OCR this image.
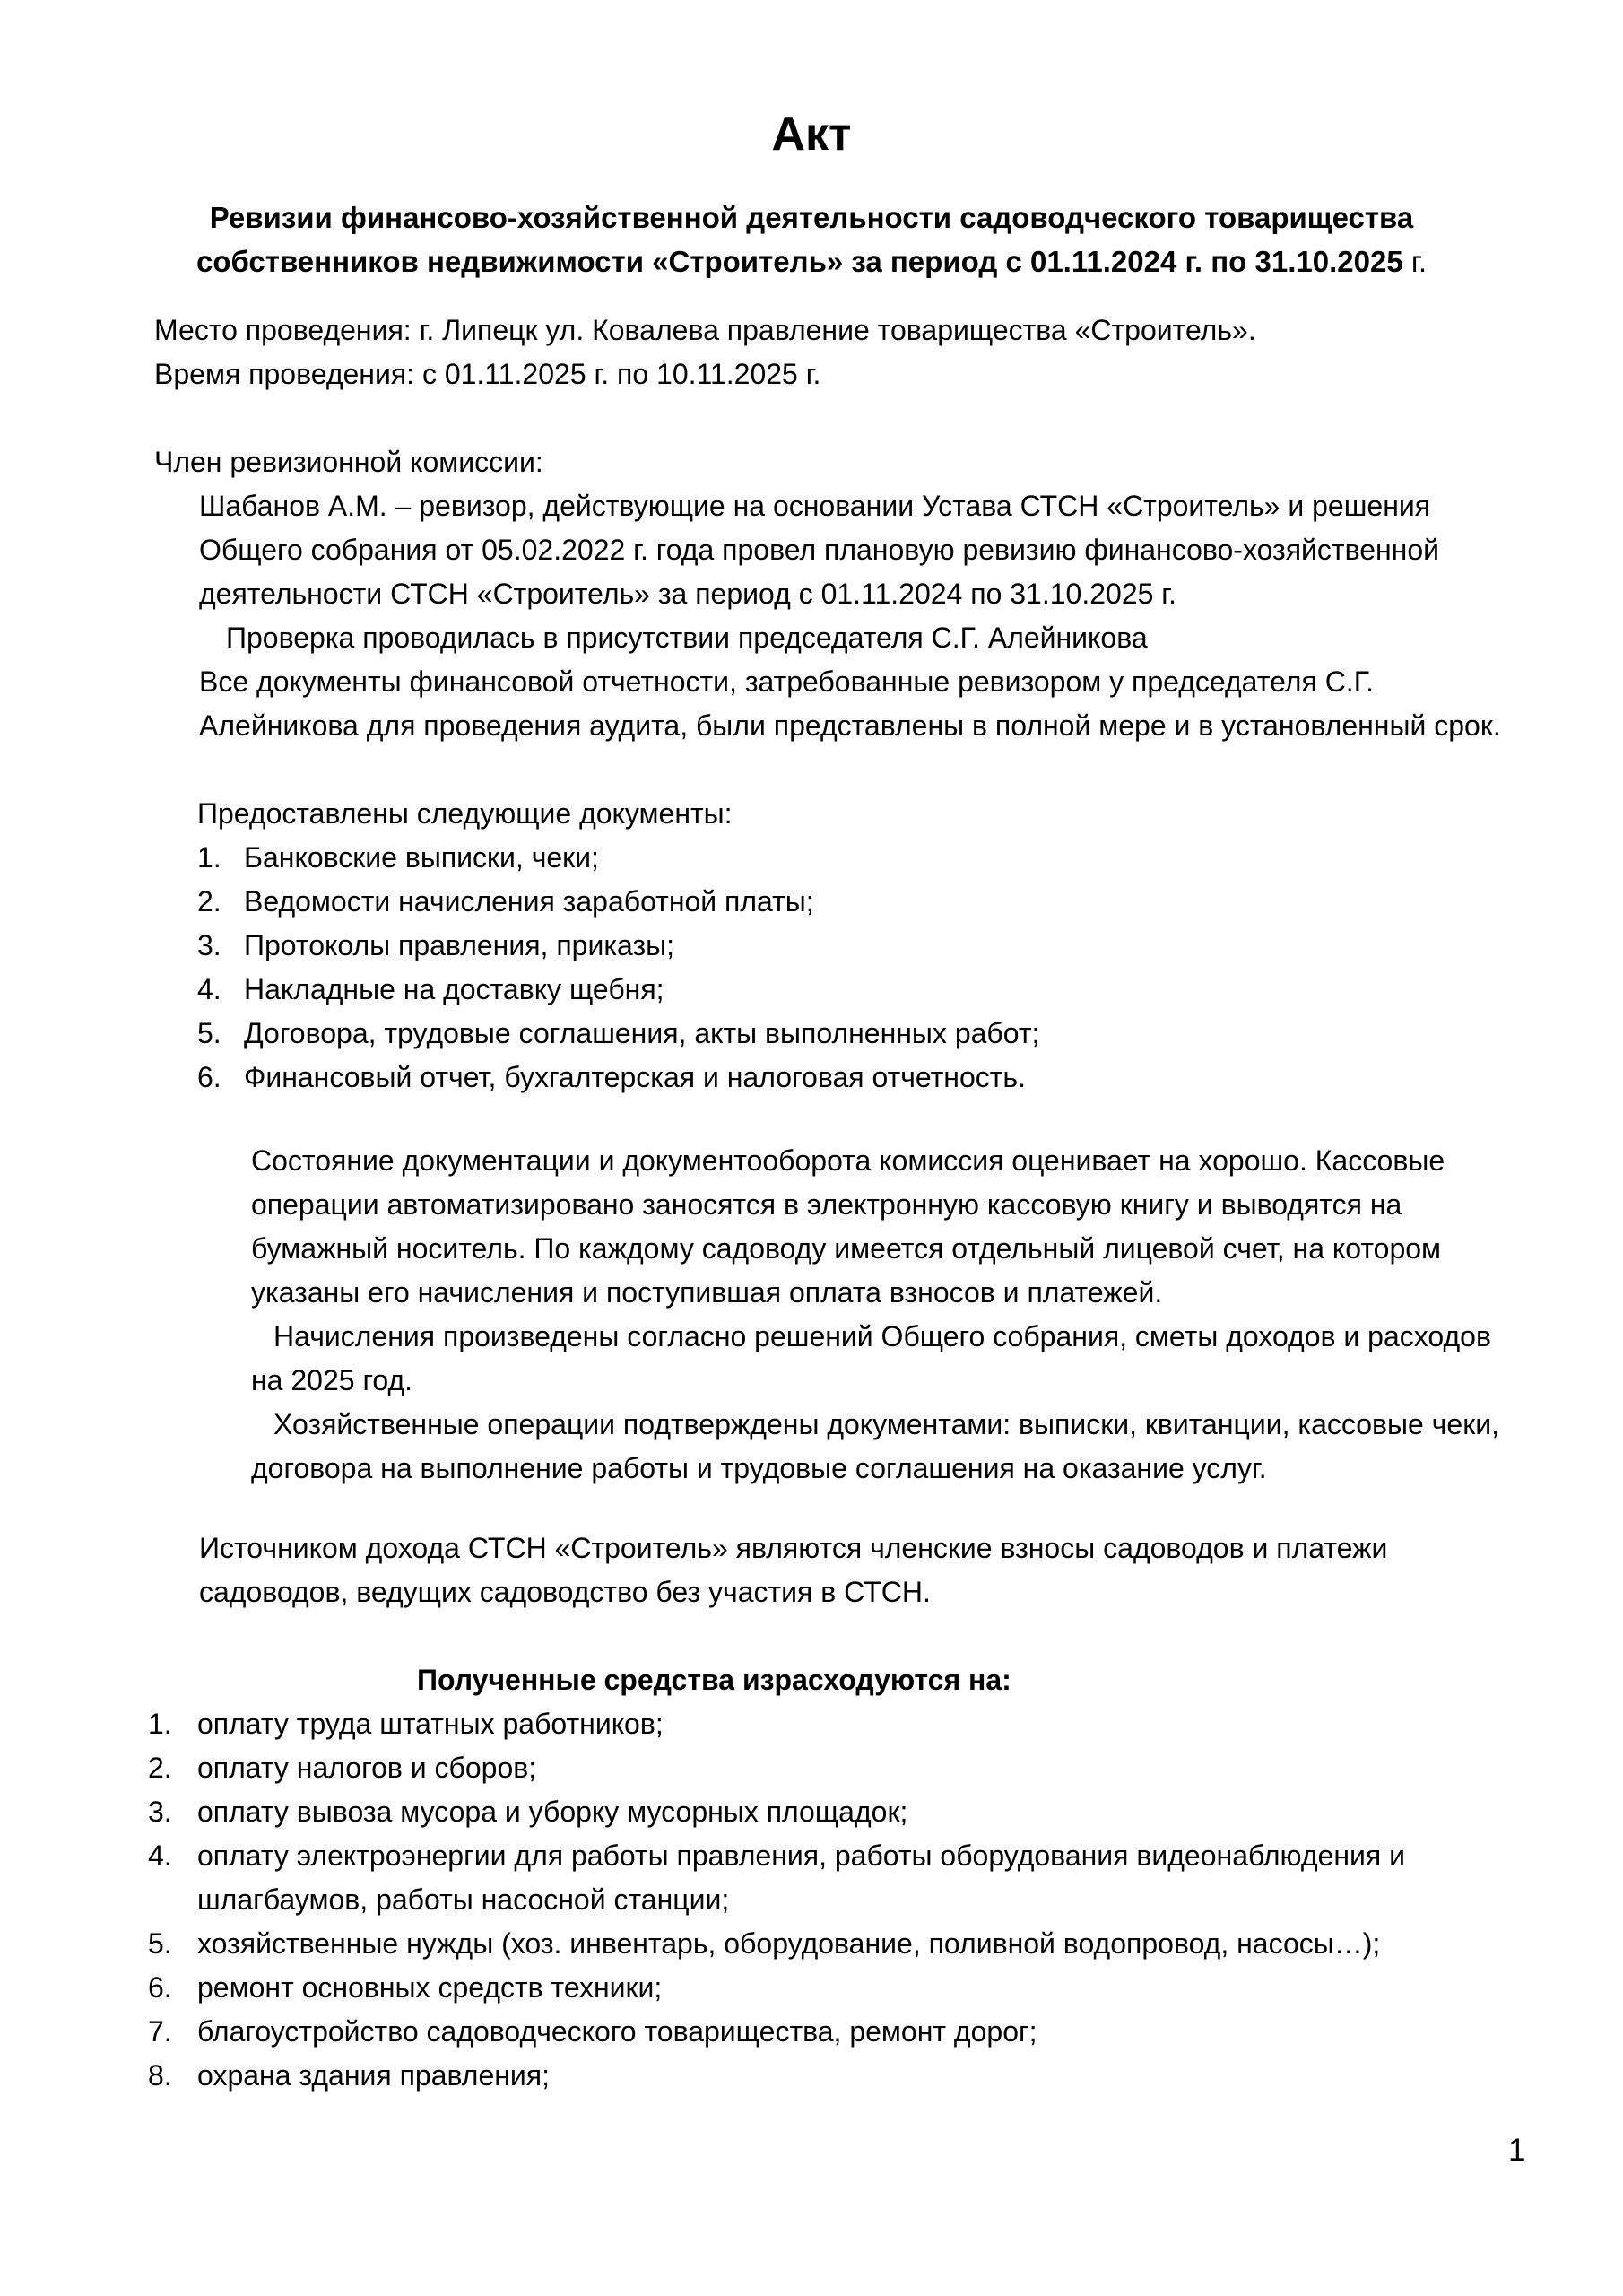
Акт

Ревизии финансово-хозяйственной деятельности садоводческого товарищества собственников недвижимости «Строитель» за период с 01.11.2024 г. по 31.10.2025 г.

Место проведения: г. Липецк ул. Ковалева правление товарищества «Строитель».

Время проведения: с 01.11.2025 г. по 10.11.2025 г.

Член ревизионной комиссии:

Шабанов А.М. – ревизор, действующие на основании Устава СТСН «Строитель» и решения Общего собрания от 05.02.2022 г. года провел плановую ревизию финансово-хозяйственной деятельности СТСН «Строитель» за период с 01.11.2024 по 31.10.2025 г.

Проверка проводилась в присутствии председателя С.Г. Алейникова

Все документы финансовой отчетности, затребованные ревизором у председателя С.Г. Алейникова для проведения аудита, были представлены в полной мере и в установленный срок.

Предоставлены следующие документы:

1. Банковские выписки, чеки;
2. Ведомости начисления заработной платы;
3. Протоколы правления, приказы;
4. Накладные на доставку щебня;
5. Договора, трудовые соглашения, акты выполненных работ;
6. Финансовый отчет, бухгалтерская и налоговая отчетность.

Состояние документации и документооборота комиссия оценивает на хорошо. Кассовые операции автоматизировано заносятся в электронную кассовую книгу и выводятся на бумажный носитель. По каждому садоводу имеется отдельный лицевой счет, на котором указаны его начисления и поступившая оплата взносов и платежей.

Начисления произведены согласно решений Общего собрания, сметы доходов и расходов на 2025 год.

Хозяйственные операции подтверждены документами: выписки, квитанции, кассовые чеки, договора на выполнение работы и трудовые соглашения на оказание услуг.

Источником дохода СТСН «Строитель» являются членские взносы садоводов и платежи садоводов, ведущих садоводство без участия в СТСН.

Полученные средства израсходуются на:

1. оплату труда штатных работников;
2. оплату налогов и сборов;
3. оплату вывоза мусора и уборку мусорных площадок;
4. оплату электроэнергии для работы правления, работы оборудования видеонаблюдения и шлагбаумов, работы насосной станции;
5. хозяйственные нужды (хоз. инвентарь, оборудование, поливной водопровод, насосы…);
6. ремонт основных средств техники;
7. благоустройство садоводческого товарищества, ремонт дорог;
8. охрана здания правления;
1
